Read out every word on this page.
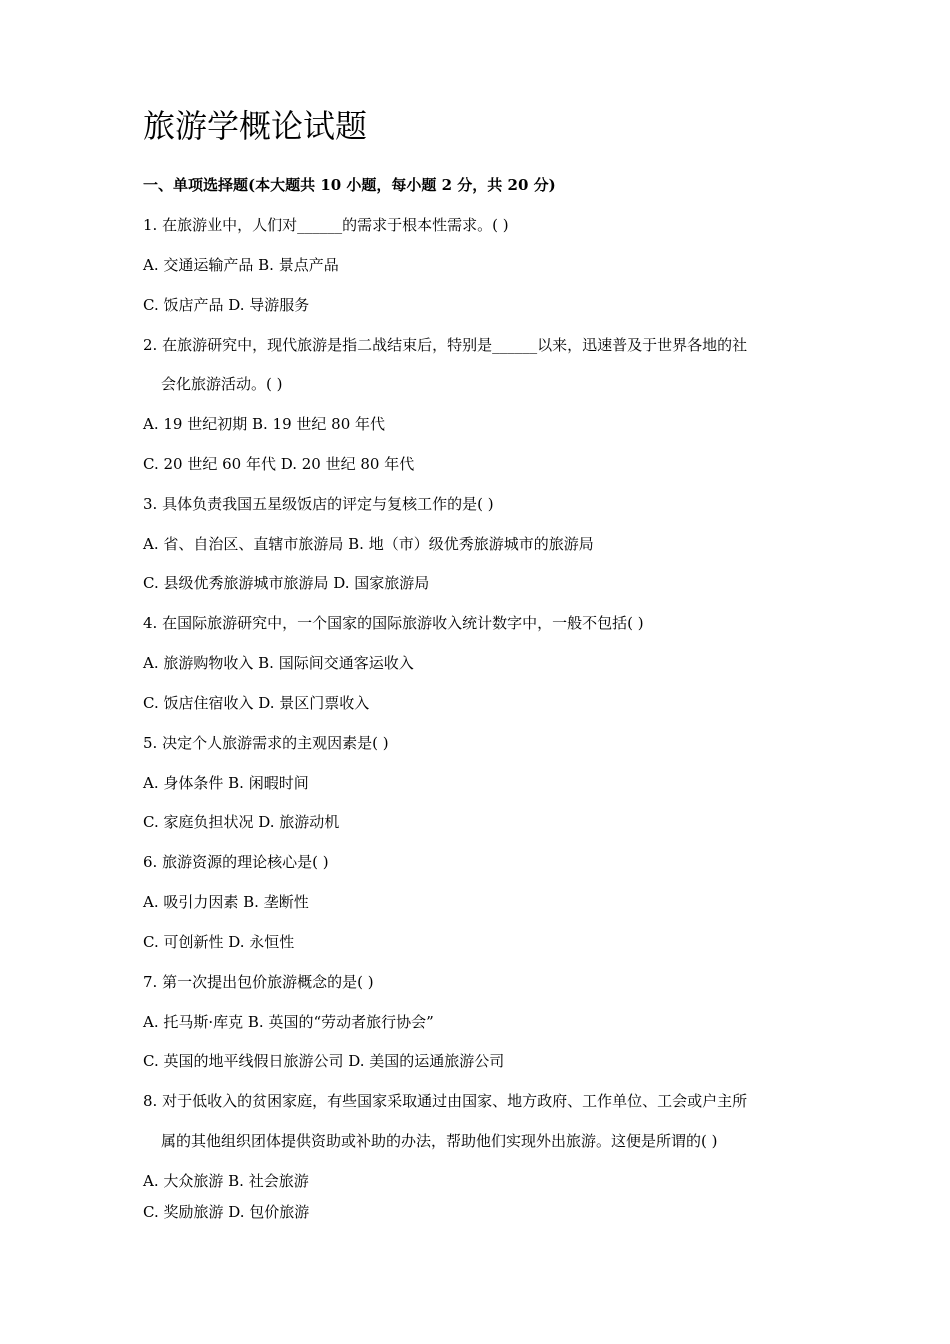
旅游学概论试题
一、单项选择题(本大题共 10 小题，每小题 2 分，共 20 分)
1. 在旅游业中，人们对______的需求于根本性需求。( )
A. 交通运输产品 B. 景点产品
C. 饭店产品 D. 导游服务
2. 在旅游研究中，现代旅游是指二战结束后，特别是______以来，迅速普及于世界各地的社
会化旅游活动。( )
A. 19 世纪初期 B. 19 世纪 80 年代
C. 20 世纪 60 年代 D. 20 世纪 80 年代
3. 具体负责我国五星级饭店的评定与复核工作的是( )
A. 省、自治区、直辖市旅游局 B. 地（市）级优秀旅游城市的旅游局
C. 县级优秀旅游城市旅游局 D. 国家旅游局
4. 在国际旅游研究中，一个国家的国际旅游收入统计数字中，一般不包括( )
A. 旅游购物收入 B. 国际间交通客运收入
C. 饭店住宿收入 D. 景区门票收入
5. 决定个人旅游需求的主观因素是( )
A. 身体条件 B. 闲暇时间
C. 家庭负担状况 D. 旅游动机
6. 旅游资源的理论核心是( )
A. 吸引力因素 B. 垄断性
C. 可创新性 D. 永恒性
7. 第一次提出包价旅游概念的是( )
A. 托马斯·库克 B. 英国的“劳动者旅行协会”
C. 英国的地平线假日旅游公司 D. 美国的运通旅游公司
8. 对于低收入的贫困家庭，有些国家采取通过由国家、地方政府、工作单位、工会或户主所
属的其他组织团体提供资助或补助的办法，帮助他们实现外出旅游。这便是所谓的( )
A. 大众旅游 B. 社会旅游
C. 奖励旅游 D. 包价旅游
